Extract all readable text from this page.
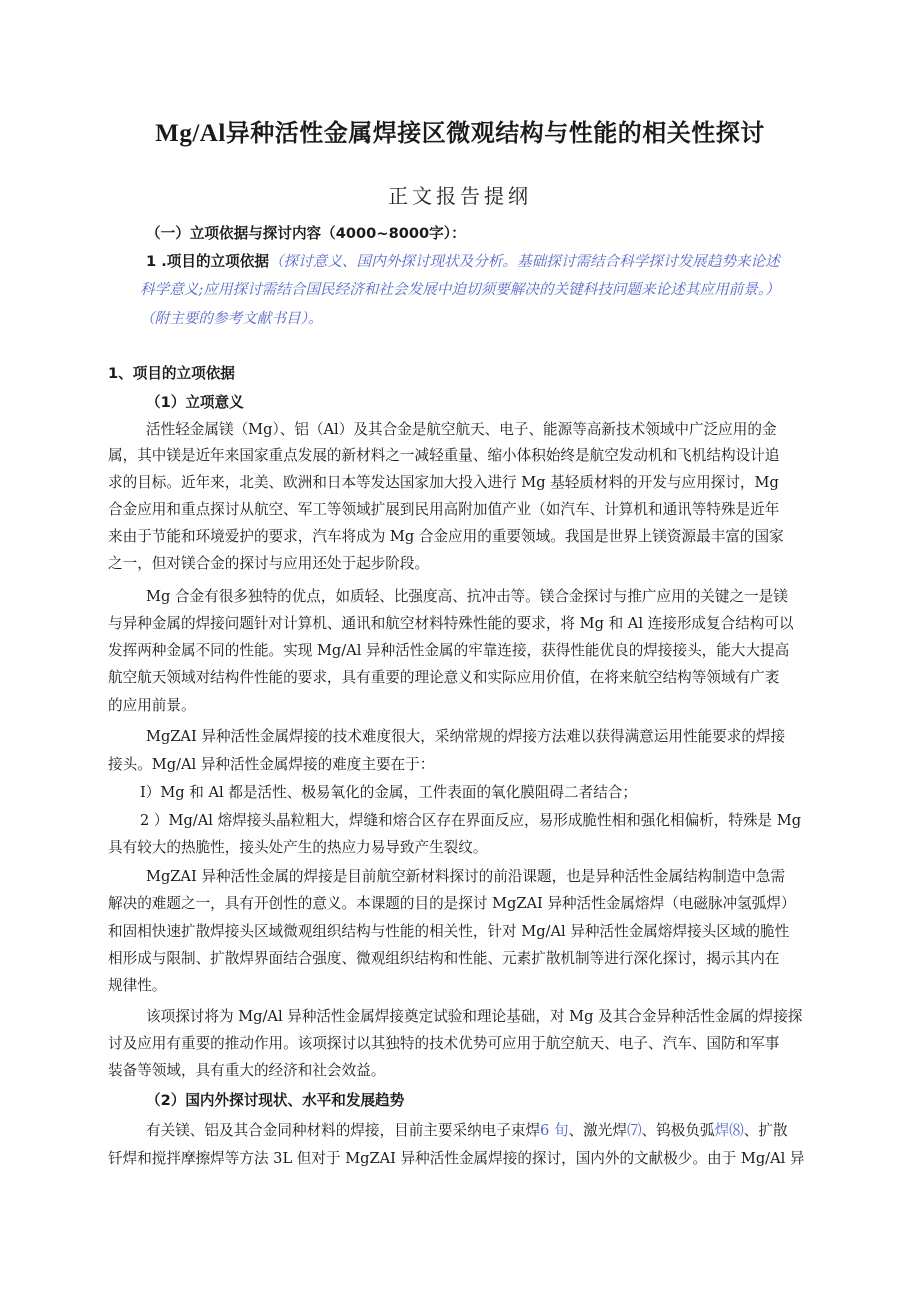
Mg/Al异种活性金属焊接区微观结构与性能的相关性探讨
正文报告提纲
（一）立项依据与探讨内容（4000~8000字）：
1 .项目的立项依据（探讨意义、国内外探讨现状及分析。基础探讨需结合科学探讨发展趋势来论述
科学意义;应用探讨需结合国民经济和社会发展中迫切须要解决的关键科技问题来论述其应用前景。）
（附主要的参考文献书目）。
1、项目的立项依据
（1）立项意义
活性轻金属镁（Mg）、铝（Al）及其合金是航空航天、电子、能源等高新技术领域中广泛应用的金
属，其中镁是近年来国家重点发展的新材料之一减轻重量、缩小体积始终是航空发动机和飞机结构设计追
求的目标。近年来，北美、欧洲和日本等发达国家加大投入进行 Mg 基轻质材料的开发与应用探讨，Mg
合金应用和重点探讨从航空、军工等领域扩展到民用高附加值产业（如汽车、计算机和通讯等特殊是近年
来由于节能和环境爱护的要求，汽车将成为 Mg 合金应用的重要领域。我国是世界上镁资源最丰富的国家
之一，但对镁合金的探讨与应用还处于起步阶段。
Mg 合金有很多独特的优点，如质轻、比强度高、抗冲击等。镁合金探讨与推广应用的关键之一是镁
与异种金属的焊接问题针对计算机、通讯和航空材料特殊性能的要求，将 Mg 和 Al 连接形成复合结构可以
发挥两种金属不同的性能。实现 Mg/Al 异种活性金属的牢靠连接，获得性能优良的焊接接头，能大大提高
航空航天领域对结构件性能的要求，具有重要的理论意义和实际应用价值，在将来航空结构等领域有广袤
的应用前景。
MgZAI 异种活性金属焊接的技术难度很大，采纳常规的焊接方法难以获得满意运用性能要求的焊接
接头。Mg/Al 异种活性金属焊接的难度主要在于：
I）Mg 和 Al 都是活性、极易氧化的金属，工件表面的氧化膜阻碍二者结合；
2 ）Mg/Al 熔焊接头晶粒粗大，焊缝和熔合区存在界面反应，易形成脆性相和强化相偏析，特殊是 Mg
具有较大的热脆性，接头处产生的热应力易导致产生裂纹。
MgZAI 异种活性金属的焊接是目前航空新材料探讨的前沿课题，也是异种活性金属结构制造中急需
解决的难题之一，具有开创性的意义。本课题的目的是探讨 MgZAI 异种活性金属熔焊（电磁脉冲氢弧焊）
和固相快速扩散焊接头区域微观组织结构与性能的相关性，针对 Mg/Al 异种活性金属熔焊接头区域的脆性
相形成与限制、扩散焊界面结合强度、微观组织结构和性能、元素扩散机制等进行深化探讨，揭示其内在
规律性。
该项探讨将为 Mg/Al 异种活性金属焊接奠定试验和理论基础，对 Mg 及其合金异种活性金属的焊接探
讨及应用有重要的推动作用。该项探讨以其独特的技术优势可应用于航空航天、电子、汽车、国防和军事
装备等领域，具有重大的经济和社会效益。
（2）国内外探讨现状、水平和发展趋势
有关镁、铝及其合金同种材料的焊接，目前主要采纳电子束焊6 旬、激光焊⑺、钨极负弧焊⑻、扩散
钎焊和搅拌摩擦焊等方法 3L 但对于 MgZAI 异种活性金属焊接的探讨，国内外的文献极少。由于 Mg/Al 异
